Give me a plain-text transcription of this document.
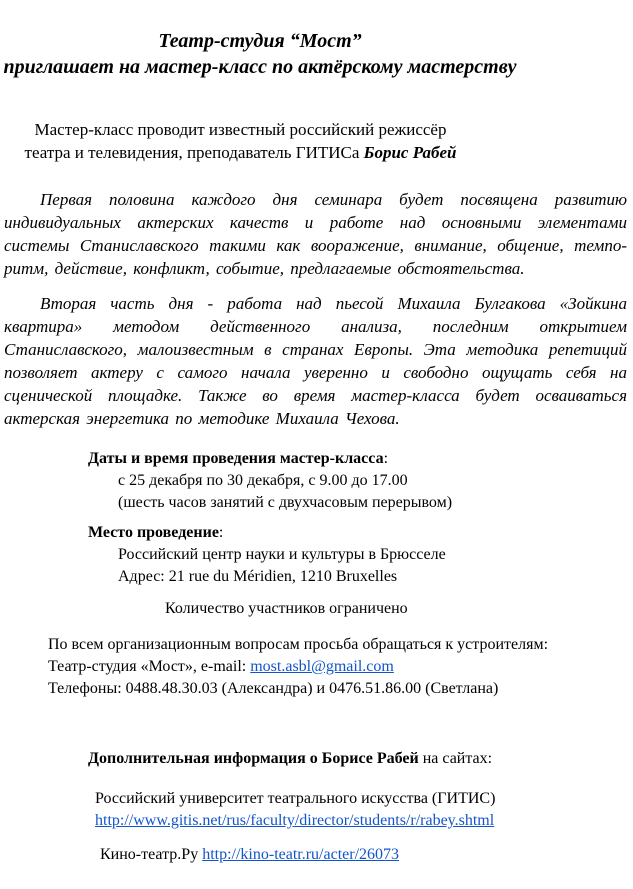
Театр-студия “Мост”
приглашает на мастер-класс по актёрскому мастерству
Мастер-класс проводит известный российский режиссёр
театра и телевидения, преподаватель ГИТИСа Борис Рабей

Первая половина каждого дня семинара будет посвящена развитию индивидуальных актерских качеств и работе над основными элементами системы Станиславского такими как вооражение, внимание, общение, темпо-ритм, действие, конфликт, событие, предлагаемые обстоятельства.

Вторая часть дня - работа над пьесой Михаила Булгакова «Зойкина квартира» методом действенного анализа, последним открытием Станиславского, малоизвестным в странах Европы. Эта методика репетиций позволяет актеру с самого начала уверенно и свободно ощущать себя на сценической площадке. Также во время мастер-класса будет осваиваться актерская энергетика по методике Михаила Чехова.

Даты и время проведения мастер-класса:
с 25 декабря по 30 декабря, с 9.00 до 17.00
(шесть часов занятий с двухчасовым перерывом)
Место проведение:
Российский центр науки и культуры в Брюсселе
Адрес: 21 rue du Méridien, 1210 Bruxelles
Количество участников ограничено
По всем организационным вопросам просьба обращаться к устроителям:
Театр-студия «Мост», e-mail: most.asbl@gmail.com
Телефоны: 0488.48.30.03 (Александра) и 0476.51.86.00 (Светлана)
Дополнительная информация о Борисе Рабей на сайтах:
Российский университет театрального искусства (ГИТИС)
http://www.gitis.net/rus/faculty/director/students/r/rabey.shtml
Кино-театр.Ру http://kino-teatr.ru/acter/26073
